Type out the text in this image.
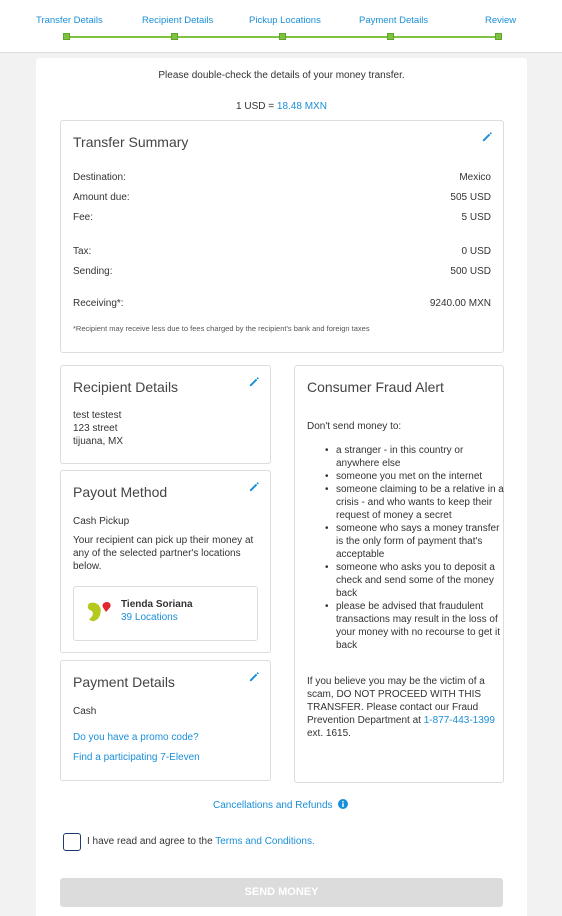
Transfer Details	Recipient Details	Pickup Locations	Payment Details	Review
Please double-check the details of your money transfer.
1 USD = 18.48 MXN
Transfer Summary
Destination:	Mexico
Amount due:	505 USD
Fee:	5 USD
Tax:	0 USD
Sending:	500 USD
Receiving*:	9240.00 MXN
*Recipient may receive less due to fees charged by the recipient's bank and foreign taxes
Recipient Details
test testest
123 street
tijuana, MX
Payout Method
Cash Pickup
Your recipient can pick up their money at any of the selected partner's locations below.
Tienda Soriana
39 Locations
Payment Details
Cash
Do you have a promo code?
Find a participating 7-Eleven
Consumer Fraud Alert
Don't send money to:
• a stranger - in this country or anywhere else
• someone you met on the internet
• someone claiming to be a relative in a crisis - and who wants to keep their request of money a secret
• someone who says a money transfer is the only form of payment that's acceptable
• someone who asks you to deposit a check and send some of the money back
• please be advised that fraudulent transactions may result in the loss of your money with no recourse to get it back
If you believe you may be the victim of a scam, DO NOT PROCEED WITH THIS TRANSFER. Please contact our Fraud Prevention Department at 1-877-443-1399 ext. 1615.
Cancellations and Refunds
I have read and agree to the Terms and Conditions.
SEND MONEY
